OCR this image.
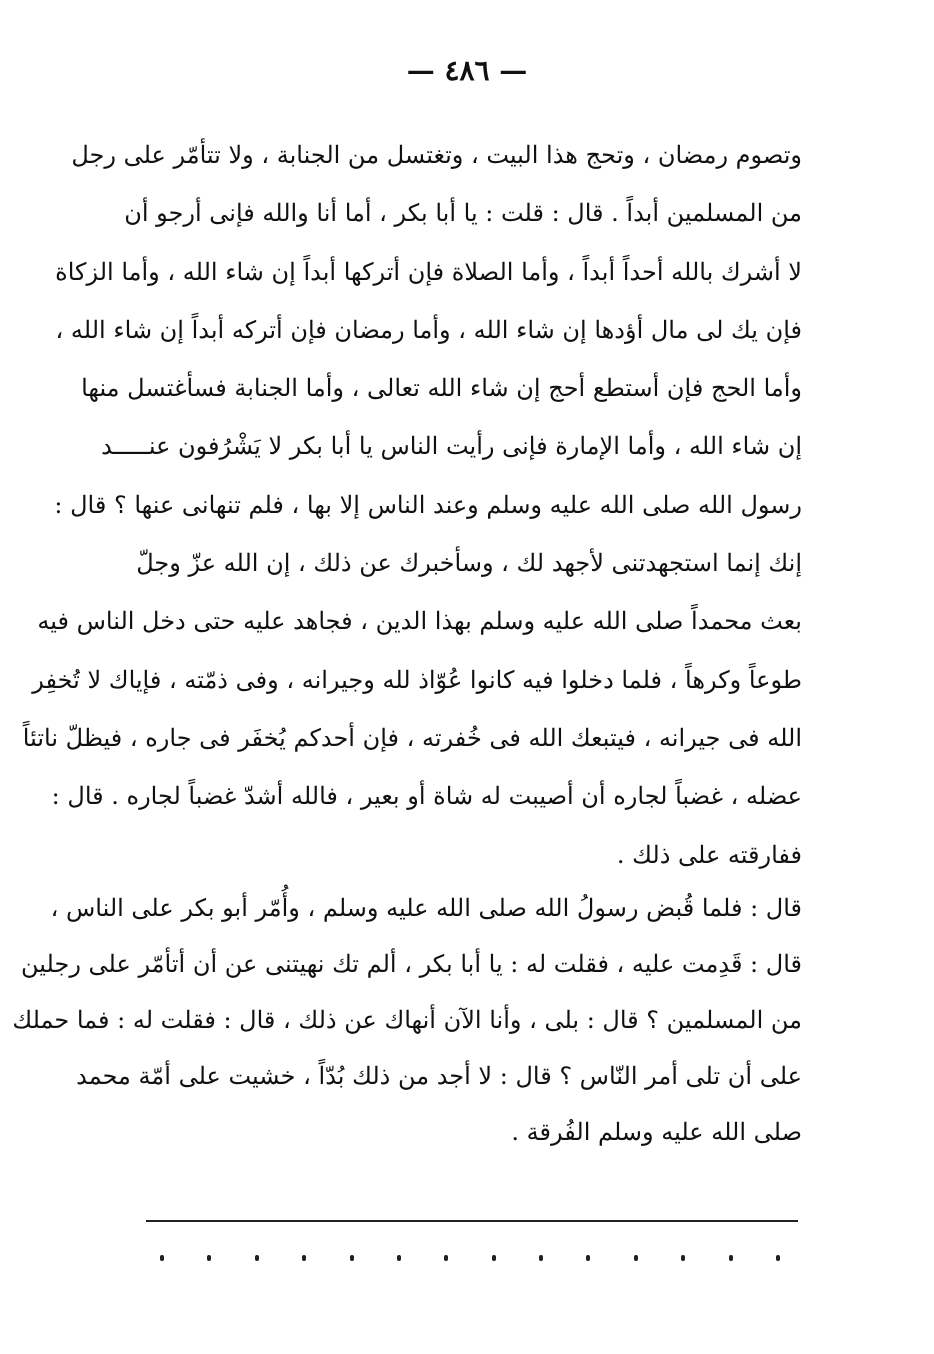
— ٤٨٦ —

وتصوم رمضان ، وتحج هذا البيت ، وتغتسل من الجنابة ، ولا تتأمّر على رجل

من المسلمين أبداً . قال : قلت : يا أبا بكر ، أما أنا والله فإنى أرجو أن

لا أشرك بالله أحداً أبداً ، وأما الصلاة فإن أتركها أبداً إن شاء الله ، وأما الزكاة

فإن يك لى مال أؤدها إن شاء الله ، وأما رمضان فإن أتركه أبداً إن شاء الله ،

وأما الحج فإن أستطع أحج إن شاء الله تعالى ، وأما الجنابة فسأغتسل منها

إن شاء الله ، وأما الإمارة فإنى رأيت الناس يا أبا بكر لا يَشْرُفون عنـــــد

رسول الله صلى الله عليه وسلم وعند الناس إلا بها ، فلم تنهانى عنها ؟ قال :

إنك إنما استجهدتنى لأجهد لك ، وسأخبرك عن ذلك ، إن الله عزّ وجلّ

بعث محمداً صلى الله عليه وسلم بهذا الدين ، فجاهد عليه حتى دخل الناس فيه

طوعاً وكرهاً ، فلما دخلوا فيه كانوا عُوّاذ لله وجيرانه ، وفى ذمّته ، فإياك لا تُخفِر

الله فى جيرانه ، فيتبعك الله فى خُفرته ، فإن أحدكم يُخفَر فى جاره ، فيظلّ ناتئاً

عضله ، غضباً لجاره أن أصيبت له شاة أو بعير ، فالله أشدّ غضباً لجاره . قال :

ففارقته على ذلك .

قال : فلما قُبض رسولُ الله صلى الله عليه وسلم ، وأُمّر أبو بكر على الناس ،

قال : قَدِمت عليه ، فقلت له : يا أبا بكر ، ألم تك نهيتنى عن أن أتأمّر على رجلين

من المسلمين ؟ قال : بلى ، وأنا الآن أنهاك عن ذلك ، قال : فقلت له : فما حملك

على أن تلى أمر النّاس ؟ قال : لا أجد من ذلك بُدّاً ، خشيت على أمّة محمد

صلى الله عليه وسلم الفُرقة .
